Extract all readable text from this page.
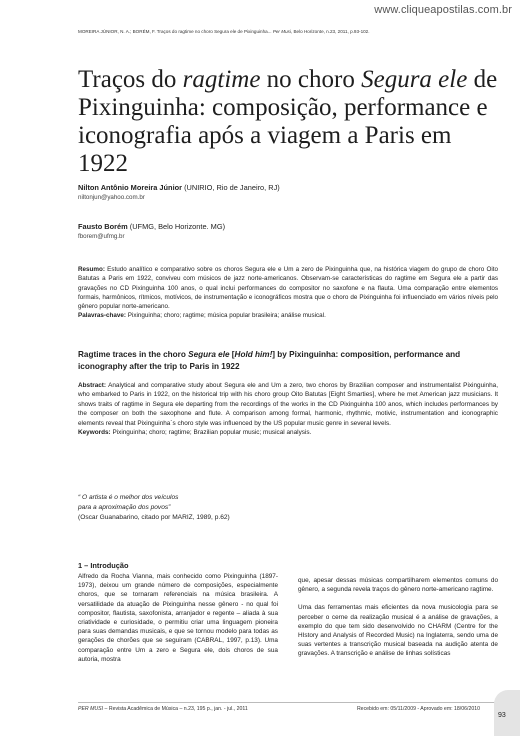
www.cliqueapostilas.com.br
MOREIRA JÚNIOR, N. A.; BORÉM, F. Traços do ragtime no choro Segura ele de Pixinguinha... Per Musi, Belo Horizonte, n.23, 2011, p.93-102.
Traços do ragtime no choro Segura ele de Pixinguinha: composição, performance e iconografia após a viagem a Paris em 1922
Nilton Antônio Moreira Júnior (UNIRIO, Rio de Janeiro, RJ)
niltonjun@yahoo.com.br
Fausto Borém (UFMG, Belo Horizonte. MG)
fborem@ufmg.br

Resumo: Estudo analítico e comparativo sobre os choros Segura ele e Um a zero de Pixinguinha que, na histórica viagem do grupo de choro Oito Batutas a Paris em 1922, conviveu com músicos de jazz norte-americanos. Observam-se características do ragtime em Segura ele a partir das gravações no CD Pixinguinha 100 anos, o qual inclui performances do compositor no saxofone e na flauta. Uma comparação entre elementos formais, harmônicos, rítmicos, motívicos, de instrumentação e iconográficos mostra que o choro de Pixinguinha foi influenciado em vários níveis pelo gênero popular norte-americano.
Palavras-chave: Pixinguinha; choro; ragtime; música popular brasileira; análise musical.

Ragtime traces in the choro Segura ele [Hold him!] by Pixinguinha: composition, performance and iconography after the trip to Paris in 1922

Abstract: Analytical and comparative study about Segura ele and Um a zero, two choros by Brazilian composer and instrumentalist Pixinguinha, who embarked to Paris in 1922, on the historical trip with his choro group Oito Batutas [Eight Smarties], where he met American jazz musicians. It shows traits of ragtime in Segura ele departing from the recordings of the works in the CD Pixinguinha 100 anos, which includes performances by the composer on both the saxophone and flute. A comparison among formal, harmonic, rhythmic, motivic, instrumentation and iconographic elements reveal that Pixinguinha´s choro style was influenced by the US popular music genre in several levels.
Keywords: Pixinguinha; choro; ragtime; Brazilian popular music; musical analysis.

“ O artista é o melhor dos veículos
para a aproximação dos povos”
(Oscar Guanabarino, citado por MARIZ, 1989, p.62)
1 – Introdução

Alfredo da Rocha Vianna, mais conhecido como Pixinguinha (1897-1973), deixou um grande número de composições, especialmente choros, que se tornaram referenciais na música brasileira. A versatilidade da atuação de Pixinguinha nesse gênero - no qual foi compositor, flautista, saxofonista, arranjador e regente – aliada à sua criatividade e curiosidade, o permitiu criar uma linguagem pioneira para suas demandas musicais, e que se tornou modelo para todas as gerações de chorões que se seguiram (CABRAL, 1997, p.13). Uma comparação entre Um a zero e Segura ele, dois choros de sua autoria, mostra

que, apesar dessas músicas compartilharem elementos comuns do gênero, a segunda revela traços do gênero norte-americano ragtime.

Uma das ferramentas mais eficientes da nova musicologia para se perceber o cerne da realização musical é a análise de gravações, a exemplo do que tem sido desenvolvido no CHARM (Centre for the HIstory and Analysis of Recorded Music) na Inglaterra, sendo uma de suas vertentes a transcrição musical baseada na audição atenta de gravações. A transcrição e análise de linhas solísticas

PER MUSI – Revista Acadêmica de Música – n.23, 195 p., jan. - jul., 2011	Recebido em: 05/11/2009 - Aprovado em: 18/06/2010
93
